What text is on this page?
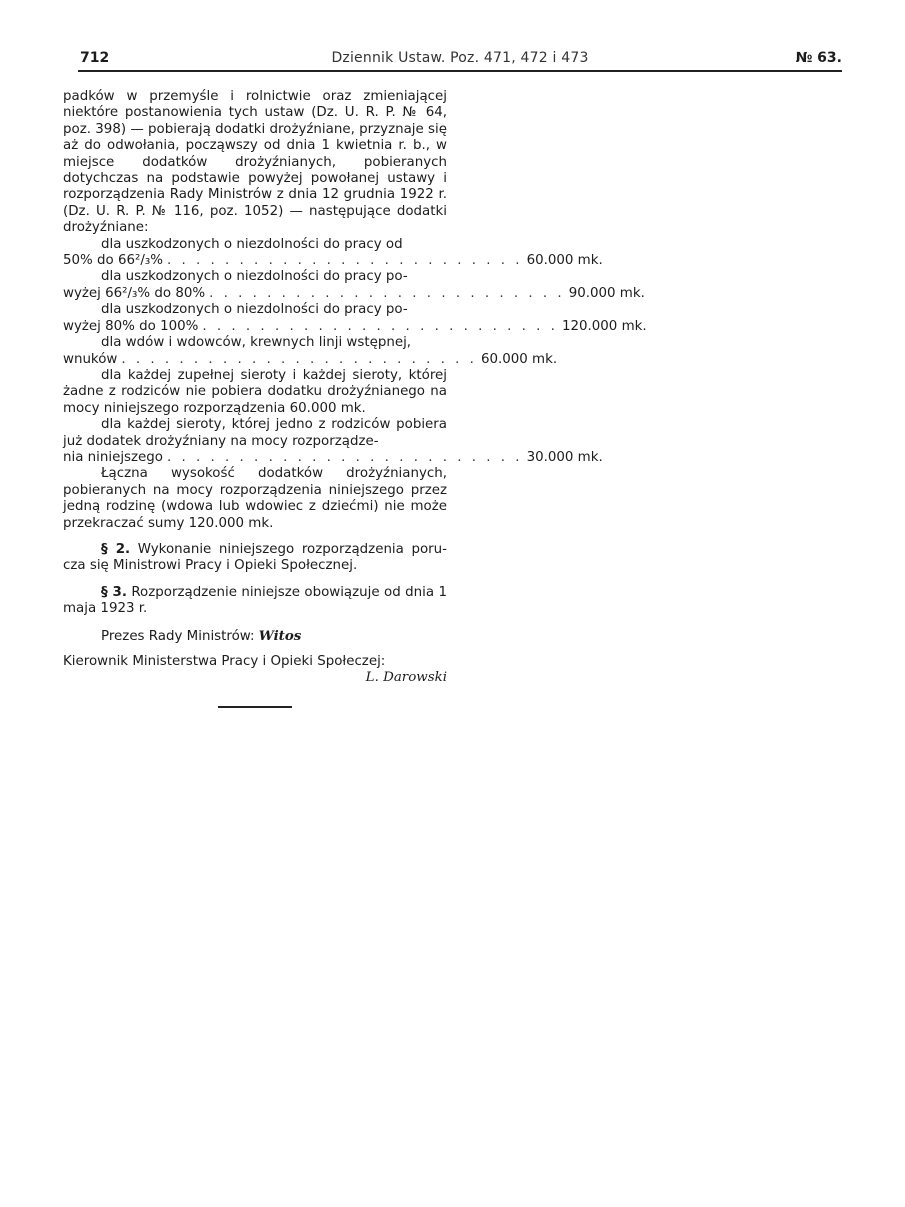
712	Dziennik Ustaw. Poz. 471, 472 i 473	№ 63.

padków w przemyśle i rolnictwie oraz zmieniającej niektóre postanowienia tych ustaw (Dz. U. R. P. № 64, poz. 398) — pobierają dodatki drożyźniane, przyznaje się aż do odwołania, począwszy od dnia 1 kwietnia r. b., w miejsce dodatków drożyźnianych, pobieranych dotychczas na podstawie powyżej powołanej ustawy i rozporządzenia Rady Ministrów z dnia 12 grudnia 1922 r. (Dz. U. R. P. № 116, poz. 1052) — następujące dodatki drożyźniane:

dla uszkodzonych o niezdolności do pracy od

50% do 66²/₃% . . . . . . . . . . . . . . . . . . . . . . . . . 60.000 mk.

dla uszkodzonych o niezdolności do pracy po-

wyżej 66²/₃% do 80% . . . . . . . . . . . . . . . . . . . . . . . . . 90.000 mk.

dla uszkodzonych o niezdolności do pracy po-

wyżej 80% do 100% . . . . . . . . . . . . . . . . . . . . . . . . . 120.000 mk.

dla wdów i wdowców, krewnych linji wstępnej,

wnuków . . . . . . . . . . . . . . . . . . . . . . . . . 60.000 mk.

dla każdej zupełnej sieroty i każdej sieroty, której żadne z rodziców nie pobiera dodatku drożyźnianego na mocy niniejszego rozporządzenia 60.000 mk.

dla każdej sieroty, której jedno z rodziców pobiera już dodatek drożyźniany na mocy rozporządze-

nia niniejszego . . . . . . . . . . . . . . . . . . . . . . . . . 30.000 mk.

Łączna wysokość dodatków drożyźnianych, pobieranych na mocy rozporządzenia niniejszego przez jedną rodzinę (wdowa lub wdowiec z dziećmi) nie może przekraczać sumy 120.000 mk.

§ 2. Wykonanie niniejszego rozporządzenia porucza się Ministrowi Pracy i Opieki Społecznej.

§ 3. Rozporządzenie niniejsze obowiązuje od dnia 1 maja 1923 r.

Prezes Rady Ministrów: Witos

Kierownik Ministerstwa Pracy i Opieki Społeczej:

L. Darowski
